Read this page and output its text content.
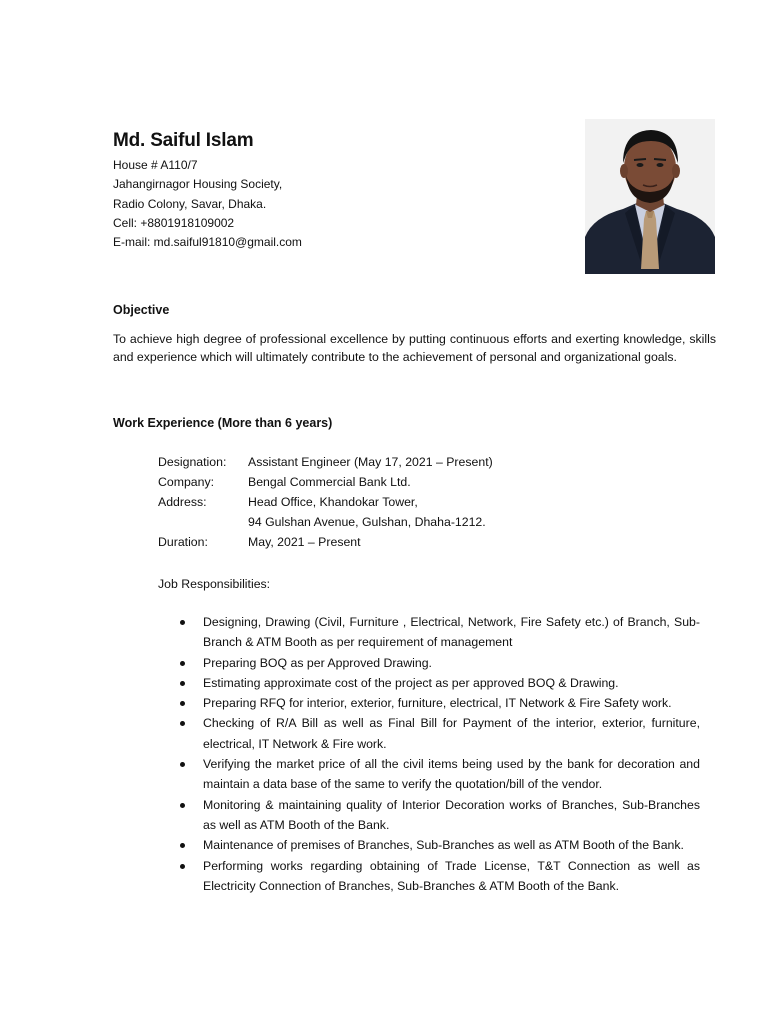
Md. Saiful Islam
House # A110/7
Jahangirnagor Housing Society,
Radio Colony, Savar, Dhaka.
Cell: +8801918109002
E-mail: md.saiful91810@gmail.com
Objective
To achieve high degree of professional excellence by putting continuous efforts and exerting knowledge, skills and experience which will ultimately contribute to the achievement of personal and organizational goals.
Work Experience (More than 6 years)
Designation:	Assistant Engineer (May 17, 2021 – Present)
Company:	Bengal Commercial Bank Ltd.
Address:	Head Office, Khandokar Tower,
94 Gulshan Avenue, Gulshan, Dhaha-1212.
Duration:	May, 2021 – Present
Job Responsibilities:
Designing, Drawing (Civil, Furniture , Electrical, Network, Fire Safety etc.) of Branch, Sub-Branch & ATM Booth as per requirement of management
Preparing BOQ as per Approved Drawing.
Estimating approximate cost of the project as per approved BOQ & Drawing.
Preparing RFQ for interior, exterior, furniture, electrical, IT Network & Fire Safety work.
Checking of R/A Bill as well as Final Bill for Payment of the interior, exterior, furniture, electrical, IT Network & Fire work.
Verifying the market price of all the civil items being used by the bank for decoration and maintain a data base of the same to verify the quotation/bill of the vendor.
Monitoring & maintaining quality of Interior Decoration works of Branches, Sub-Branches as well as ATM Booth of the Bank.
Maintenance of premises of Branches, Sub-Branches as well as ATM Booth of the Bank.
Performing works regarding obtaining of Trade License, T&T Connection as well as Electricity Connection of Branches, Sub-Branches & ATM Booth of the Bank.
